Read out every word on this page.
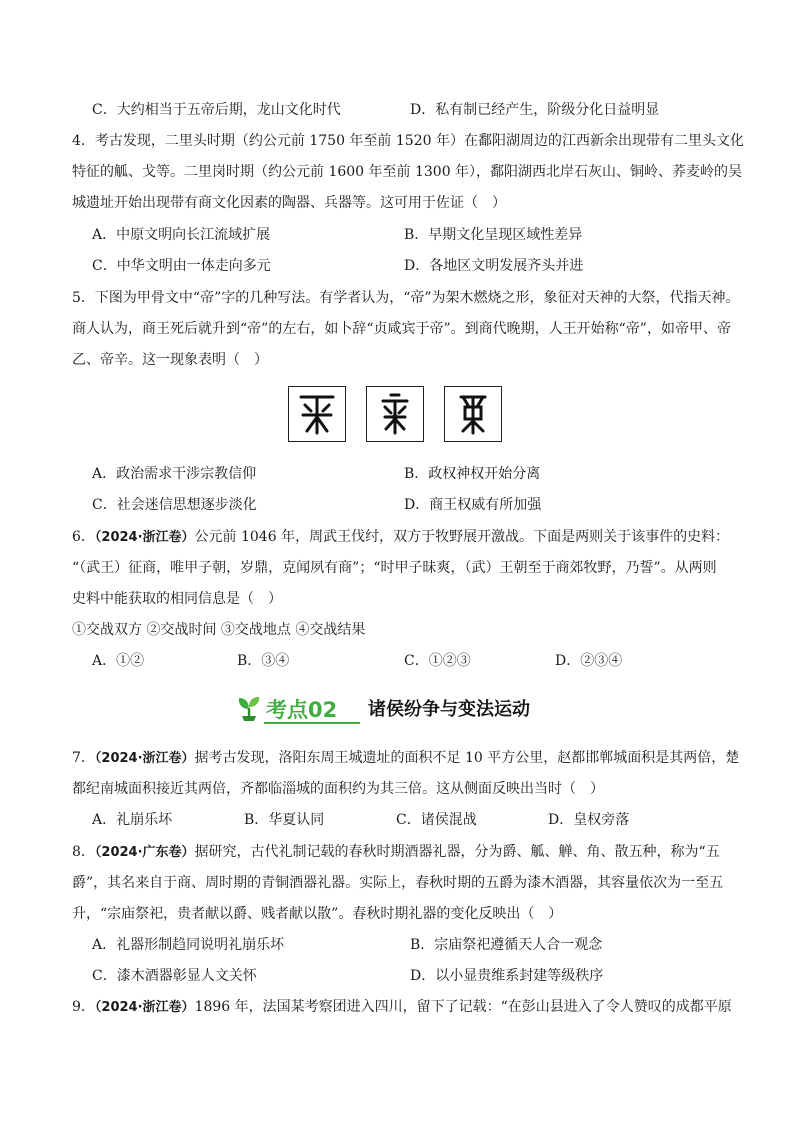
C．大约相当于五帝后期，龙山文化时代	D．私有制已经产生，阶级分化日益明显
4．考古发现，二里头时期（约公元前 1750 年至前 1520 年）在鄱阳湖周边的江西新余出现带有二里头文化
特征的觚、戈等。二里岗时期（约公元前 1600 年至前 1300 年），鄱阳湖西北岸石灰山、铜岭、荞麦岭的吴
城遗址开始出现带有商文化因素的陶器、兵器等。这可用于佐证（　）
A．中原文明向长江流域扩展	B．早期文化呈现区域性差异
C．中华文明由一体走向多元	D．各地区文明发展齐头并进
5．下图为甲骨文中“帝”字的几种写法。有学者认为，“帝”为架木燃烧之形，象征对天神的大祭，代指天神。
商人认为，商王死后就升到“帝”的左右，如卜辞“贞咸宾于帝”。到商代晚期，人王开始称“帝”，如帝甲、帝
乙、帝辛。这一现象表明（　）
A．政治需求干涉宗教信仰	B．政权神权开始分离
C．社会迷信思想逐步淡化	D．商王权威有所加强
6．（2024·浙江卷）公元前 1046 年，周武王伐纣，双方于牧野展开激战。下面是两则关于该事件的史料：
“（武王）征商，唯甲子朝，岁鼎，克闻夙有商”；“时甲子昧爽，（武）王朝至于商郊牧野，乃誓”。从两则
史料中能获取的相同信息是（　）
①交战双方 ②交战时间 ③交战地点 ④交战结果
A．①②	B．③④	C．①②③	D．②③④
考点02 诸侯纷争与变法运动
7．（2024·浙江卷）据考古发现，洛阳东周王城遗址的面积不足 10 平方公里，赵都邯郸城面积是其两倍，楚
都纪南城面积接近其两倍，齐都临淄城的面积约为其三倍。这从侧面反映出当时（　）
A．礼崩乐坏	B．华夏认同	C．诸侯混战	D．皇权旁落
8．（2024·广东卷）据研究，古代礼制记载的春秋时期酒器礼器，分为爵、觚、觯、角、散五种，称为“五
爵”，其名来自于商、周时期的青铜酒器礼器。实际上，春秋时期的五爵为漆木酒器，其容量依次为一至五
升，“宗庙祭祀，贵者献以爵、贱者献以散”。春秋时期礼器的变化反映出（　）
A．礼器形制趋同说明礼崩乐坏	B．宗庙祭祀遵循天人合一观念
C．漆木酒器彰显人文关怀	D．以小显贵维系封建等级秩序
9．（2024·浙江卷）1896 年，法国某考察团进入四川，留下了记载：“在彭山县进入了令人赞叹的成都平原
